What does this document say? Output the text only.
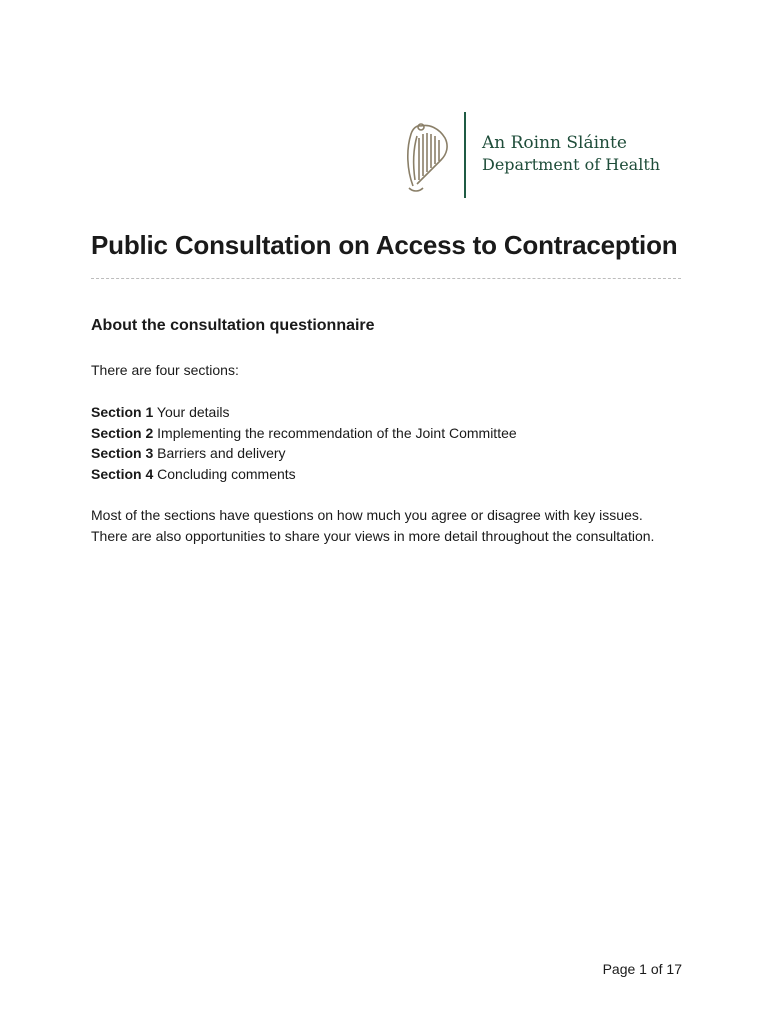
An Roinn Sláinte
Department of Health
Public Consultation on Access to Contraception
About the consultation questionnaire

There are four sections:

Section 1 Your details
Section 2 Implementing the recommendation of the Joint Committee
Section 3 Barriers and delivery
Section 4 Concluding comments

Most of the sections have questions on how much you agree or disagree with key issues. There are also opportunities to share your views in more detail throughout the consultation.

Page 1 of 17
